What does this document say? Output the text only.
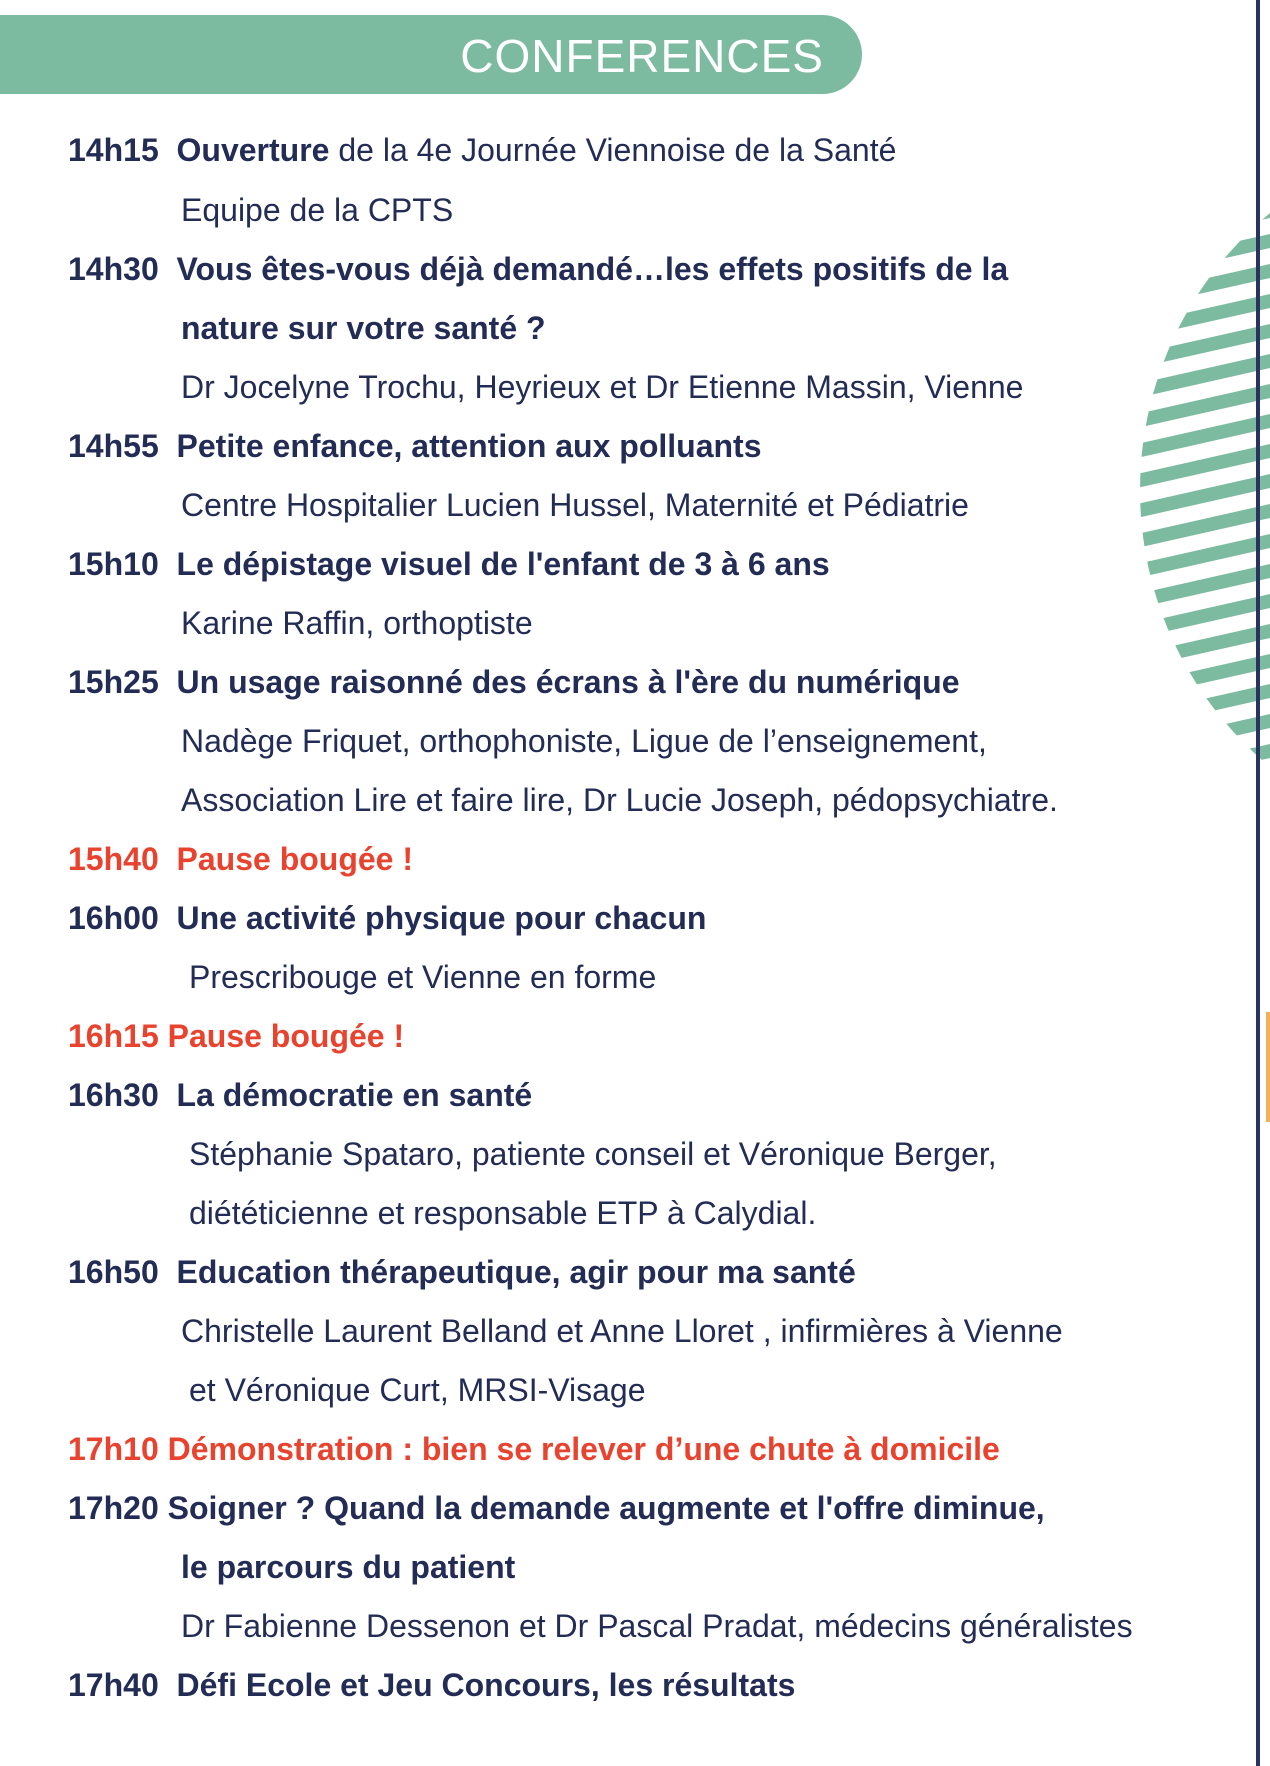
CONFERENCES
14h15 Ouverture de la 4e Journée Viennoise de la Santé
Equipe de la CPTS
14h30 Vous êtes-vous déjà demandé…les effets positifs de la
nature sur votre santé ?
Dr Jocelyne Trochu, Heyrieux et Dr Etienne Massin, Vienne
14h55 Petite enfance, attention aux polluants
Centre Hospitalier Lucien Hussel, Maternité et Pédiatrie
15h10 Le dépistage visuel de l'enfant de 3 à 6 ans
Karine Raffin, orthoptiste
15h25 Un usage raisonné des écrans à l'ère du numérique
Nadège Friquet, orthophoniste, Ligue de l’enseignement,
Association Lire et faire lire, Dr Lucie Joseph, pédopsychiatre.
15h40 Pause bougée !
16h00 Une activité physique pour chacun
Prescribouge et Vienne en forme
16h15 Pause bougée !
16h30 La démocratie en santé
Stéphanie Spataro, patiente conseil et Véronique Berger,
diététicienne et responsable ETP à Calydial.
16h50 Education thérapeutique, agir pour ma santé
Christelle Laurent Belland et Anne Lloret , infirmières à Vienne
et Véronique Curt, MRSI-Visage
17h10 Démonstration : bien se relever d’une chute à domicile
17h20 Soigner ? Quand la demande augmente et l'offre diminue,
le parcours du patient
Dr Fabienne Dessenon et Dr Pascal Pradat, médecins généralistes
17h40 Défi Ecole et Jeu Concours, les résultats
